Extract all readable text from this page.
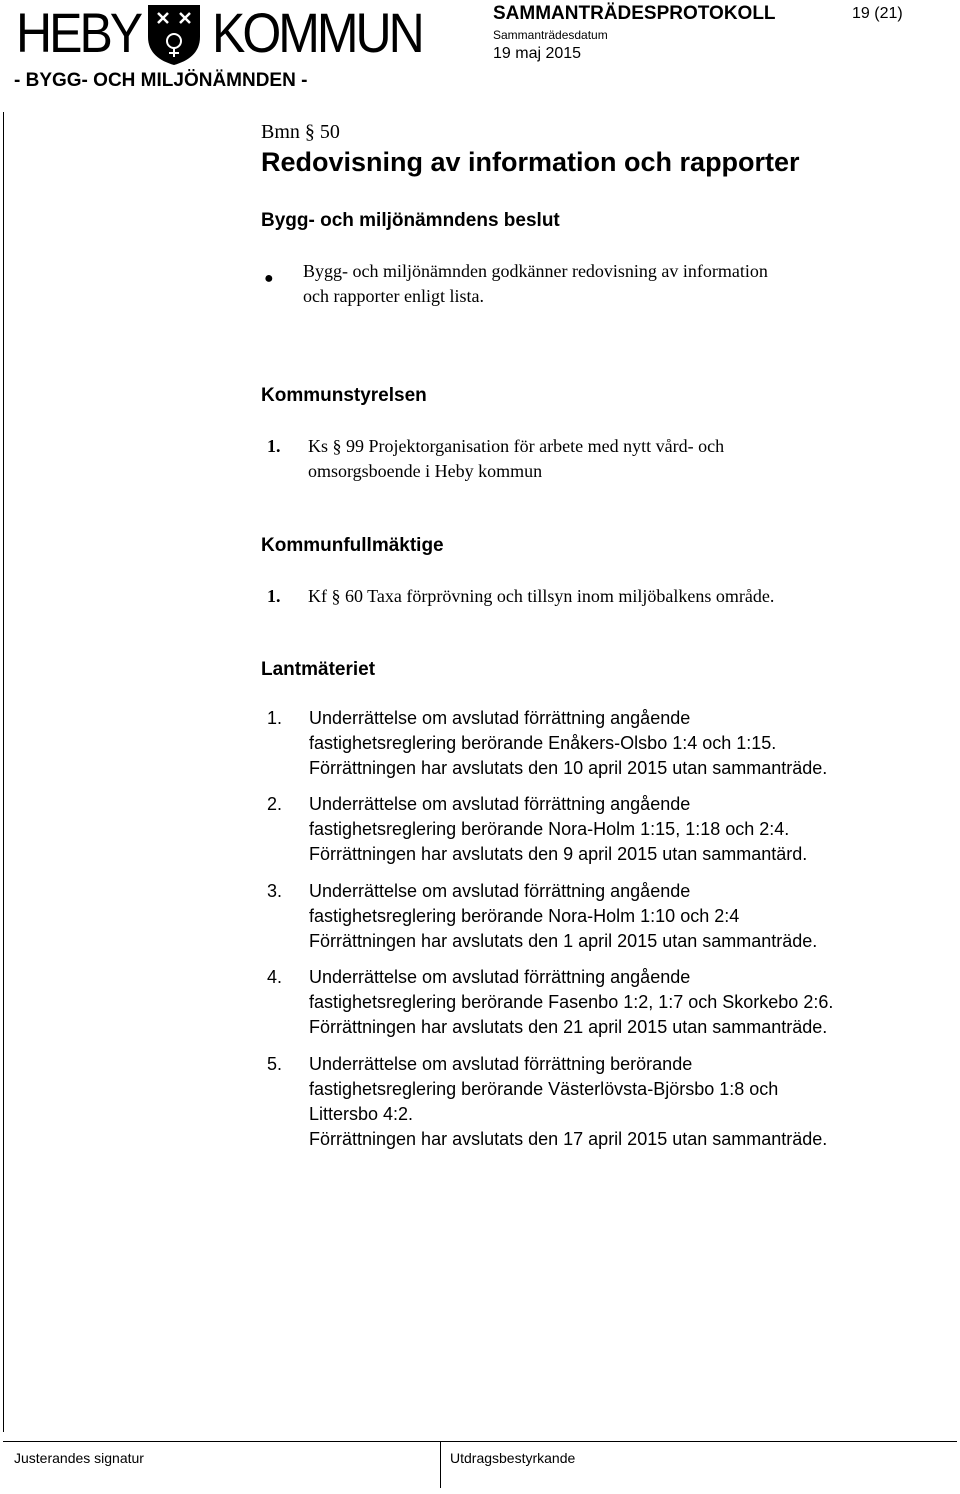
HEBY KOMMUN
- BYGG- OCH MILJÖNÄMNDEN -
SAMMANTRÄDESPROTOKOLL
Sammanträdesdatum
19 maj 2015
19 (21)
Bmn § 50
Redovisning av information och rapporter
Bygg- och miljönämndens beslut
● Bygg- och miljönämnden godkänner redovisning av information
och rapporter enligt lista.
Kommunstyrelsen
1. Ks § 99 Projektorganisation för arbete med nytt vård- och
omsorgsboende i Heby kommun
Kommunfullmäktige
1. Kf § 60 Taxa förprövning och tillsyn inom miljöbalkens område.
Lantmäteriet
1. Underrättelse om avslutad förrättning angående
fastighetsreglering berörande Enåkers-Olsbo 1:4 och 1:15.
Förrättningen har avslutats den 10 april 2015 utan sammanträde.
2. Underrättelse om avslutad förrättning angående
fastighetsreglering berörande Nora-Holm 1:15, 1:18 och 2:4.
Förrättningen har avslutats den 9 april 2015 utan sammantärd.
3. Underrättelse om avslutad förrättning angående
fastighetsreglering berörande Nora-Holm 1:10 och 2:4
Förrättningen har avslutats den 1 april 2015 utan sammanträde.
4. Underrättelse om avslutad förrättning angående
fastighetsreglering berörande Fasenbo 1:2, 1:7 och Skorkebo 2:6.
Förrättningen har avslutats den 21 april 2015 utan sammanträde.
5. Underrättelse om avslutad förrättning berörande
fastighetsreglering berörande Västerlövsta-Björsbo 1:8 och
Littersbo 4:2.
Förrättningen har avslutats den 17 april 2015 utan sammanträde.
Justerandes signatur	Utdragsbestyrkande
